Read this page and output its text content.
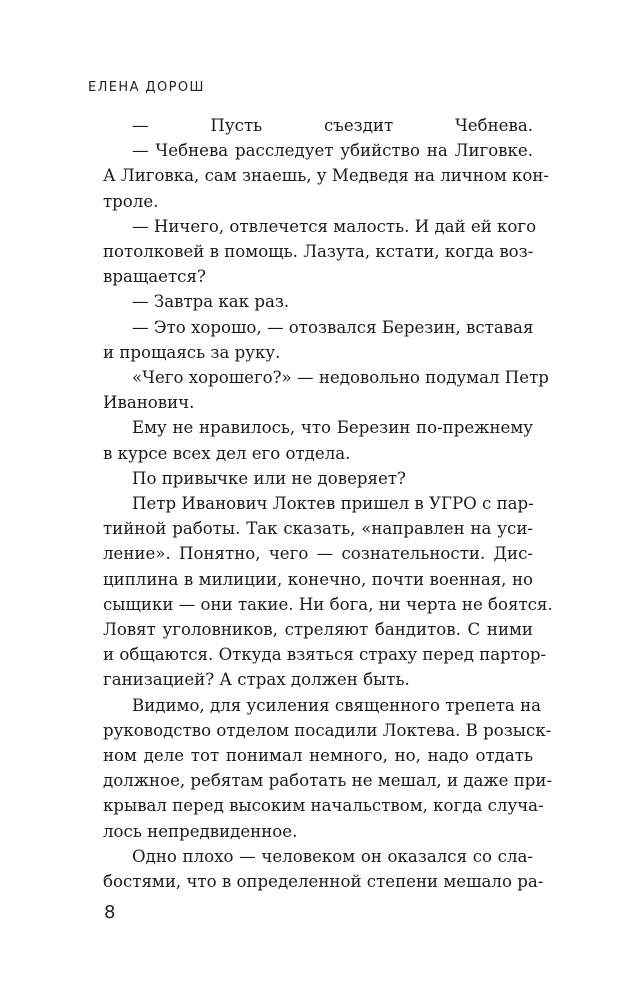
ЕЛЕНА ДОРОШ
— Пусть съездит Чебнева.
— Чебнева расследует убийство на Лиговке.
А Лиговка, сам знаешь, у Медведя на личном кон-
троле.
— Ничего, отвлечется малость. И дай ей кого
потолковей в помощь. Лазута, кстати, когда воз-
вращается?
— Завтра как раз.
— Это хорошо, — отозвался Березин, вставая
и прощаясь за руку.
«Чего хорошего?» — недовольно подумал Петр
Иванович.
Ему не нравилось, что Березин по-прежнему
в курсе всех дел его отдела.
По привычке или не доверяет?
Петр Иванович Локтев пришел в УГРО с пар-
тийной работы. Так сказать, «направлен на уси-
ление». Понятно, чего — сознательности. Дис-
циплина в милиции, конечно, почти военная, но
сыщики — они такие. Ни бога, ни черта не боятся.
Ловят уголовников, стреляют бандитов. С ними
и общаются. Откуда взяться страху перед партор-
ганизацией? А страх должен быть.
Видимо, для усиления священного трепета на
руководство отделом посадили Локтева. В розыск-
ном деле тот понимал немного, но, надо отдать
должное, ребятам работать не мешал, и даже при-
крывал перед высоким начальством, когда случа-
лось непредвиденное.
Одно плохо — человеком он оказался со сла-
бостями, что в определенной степени мешало ра-
8
